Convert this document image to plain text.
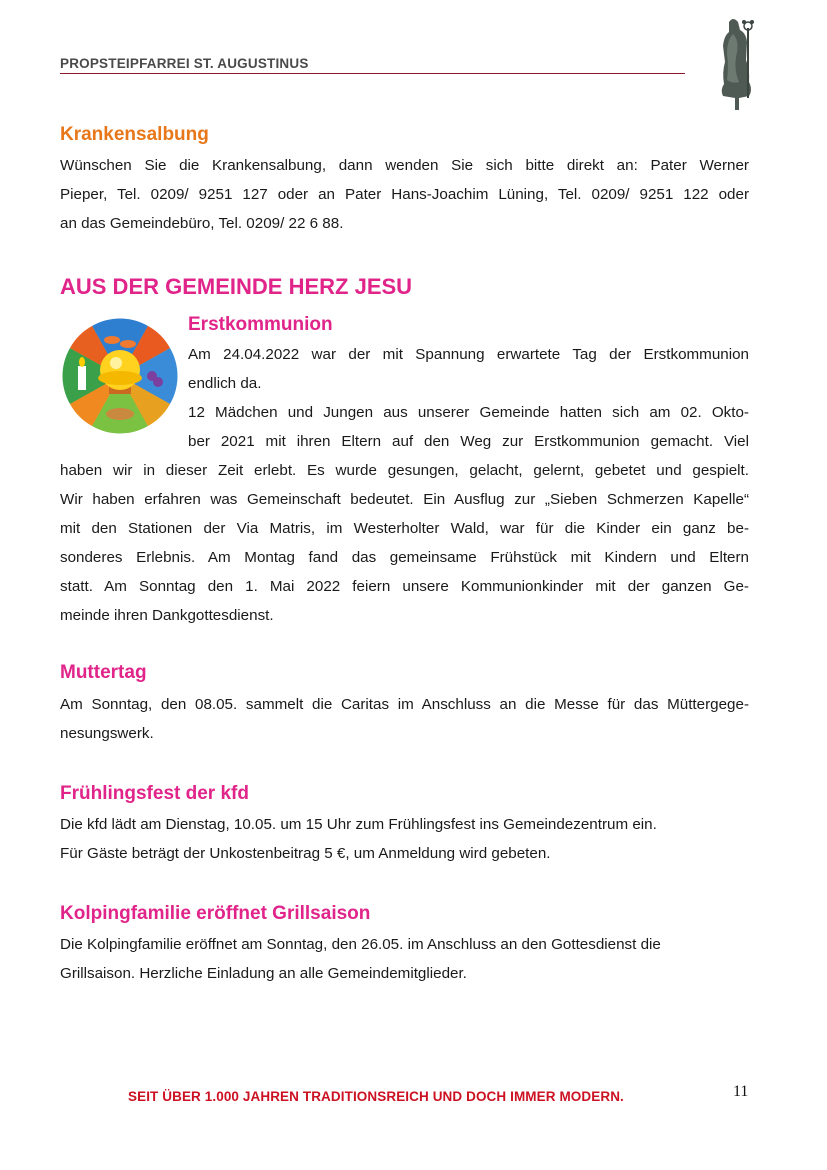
PROPSTEIPFARREI ST. AUGUSTINUS
Krankensalbung

Wünschen Sie die Krankensalbung, dann wenden Sie sich bitte direkt an: Pater Werner

Pieper, Tel. 0209/ 9251 127 oder an Pater Hans-Joachim Lüning, Tel. 0209/ 9251 122 oder

an das Gemeindebüro, Tel. 0209/ 22 6 88.

AUS DER GEMEINDE HERZ JESU
Erstkommunion

Am 24.04.2022 war der mit Spannung erwartete Tag der Erstkommunion

endlich da.

12 Mädchen und Jungen aus unserer Gemeinde hatten sich am 02. Okto-

ber 2021 mit ihren Eltern auf den Weg zur Erstkommunion gemacht. Viel

haben wir in dieser Zeit erlebt. Es wurde gesungen, gelacht, gelernt, gebetet und gespielt.

Wir haben erfahren was Gemeinschaft bedeutet. Ein Ausflug zur „Sieben Schmerzen Kapelle“

mit den Stationen der Via Matris, im Westerholter Wald, war für die Kinder ein ganz be-

sonderes Erlebnis. Am Montag fand das gemeinsame Frühstück mit Kindern und Eltern

statt. Am Sonntag den 1. Mai 2022 feiern unsere Kommunionkinder mit der ganzen Ge-

meinde ihren Dankgottesdienst.

Muttertag

Am Sonntag, den 08.05. sammelt die Caritas im Anschluss an die Messe für das Müttergege-

nesungswerk.

Frühlingsfest der kfd

Die kfd lädt am Dienstag, 10.05. um 15 Uhr zum Frühlingsfest ins Gemeindezentrum ein.

Für Gäste beträgt der Unkostenbeitrag 5 €, um Anmeldung wird gebeten.

Kolpingfamilie eröffnet Grillsaison

Die Kolpingfamilie eröffnet am Sonntag, den 26.05. im Anschluss an den Gottesdienst die

Grillsaison. Herzliche Einladung an alle Gemeindemitglieder.

SEIT ÜBER 1.000 JAHREN TRADITIONSREICH UND DOCH IMMER MODERN.	11
